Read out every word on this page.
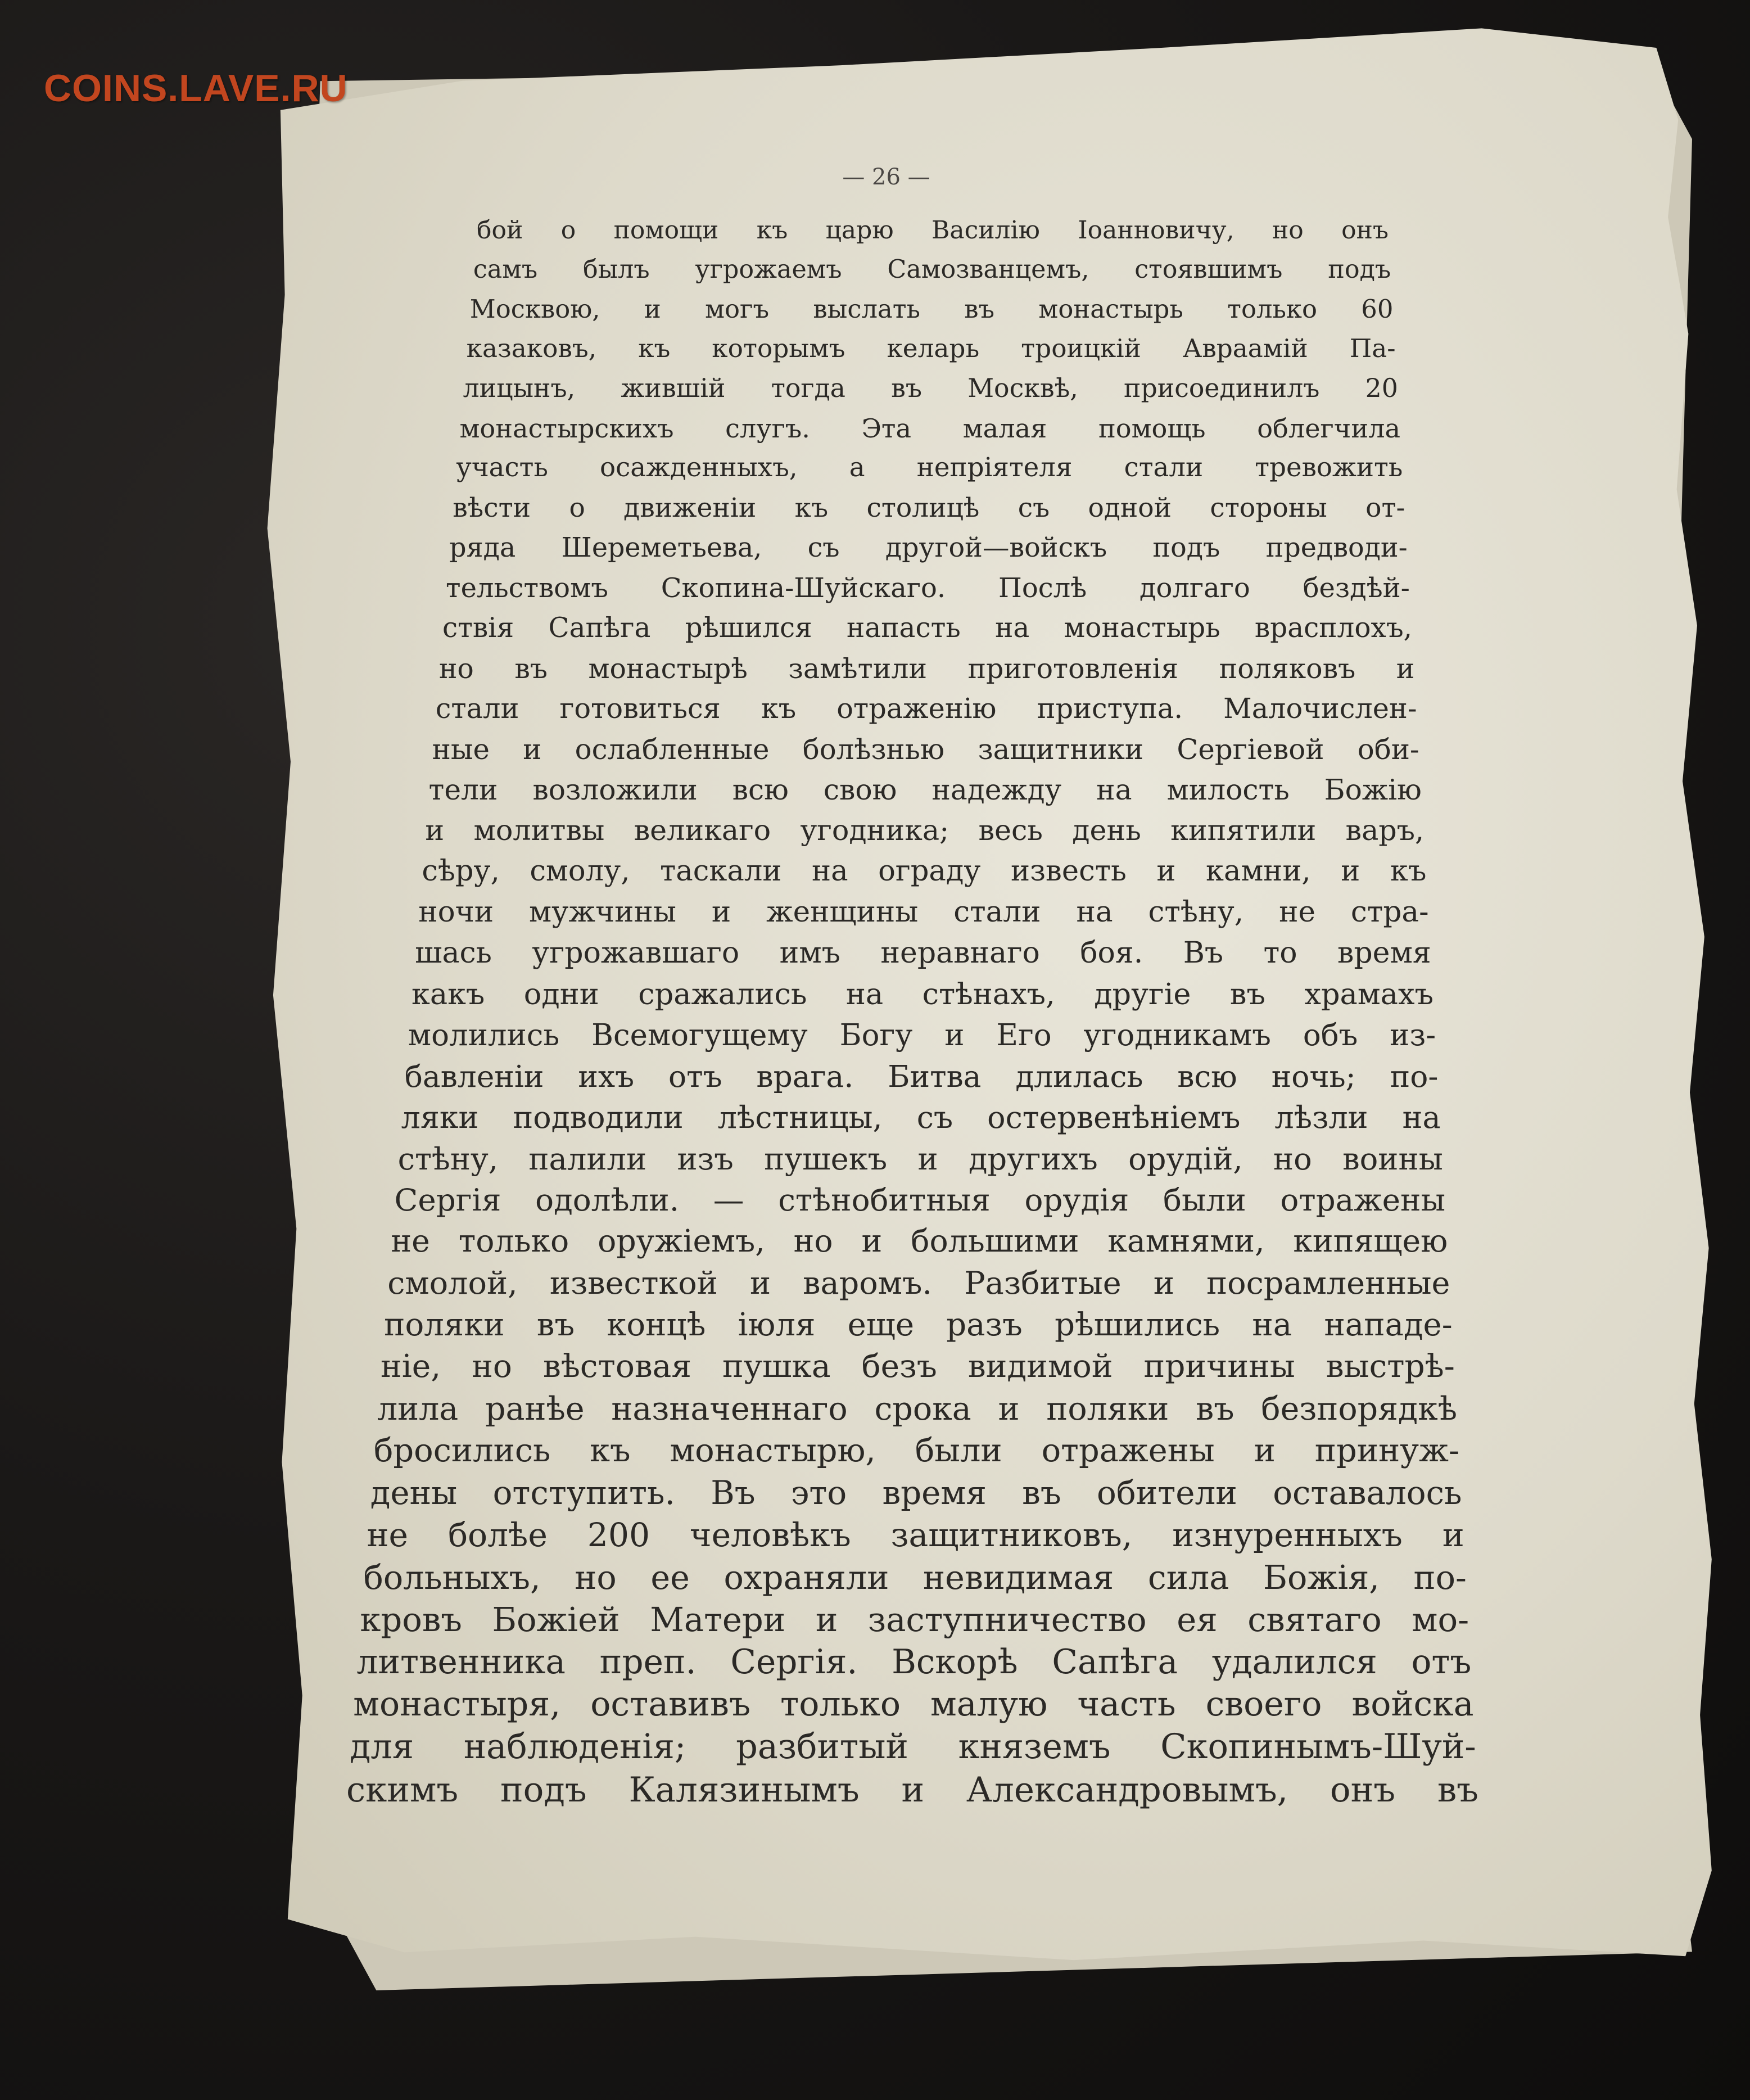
COINS.LAVE.RU
— 26 —
бой о помощи къ царю Василію Іоанновичу, но онъ
самъ былъ угрожаемъ Самозванцемъ, стоявшимъ подъ
Москвою, и могъ выслать въ монастырь только 60
казаковъ, къ которымъ келарь троицкій Авраамій Па-
лицынъ, жившій тогда въ Москвѣ, присоединилъ 20
монастырскихъ слугъ. Эта малая помощь облегчила
участь осажденныхъ, а непріятеля стали тревожить
вѣсти о движеніи къ столицѣ съ одной стороны от-
ряда Шереметьева, съ другой—войскъ подъ предводи-
тельствомъ Скопина-Шуйскаго. Послѣ долгаго бездѣй-
ствія Сапѣга рѣшился напасть на монастырь врасплохъ,
но въ монастырѣ замѣтили приготовленія поляковъ и
стали готовиться къ отраженію приступа. Малочислен-
ные и ослабленные болѣзнью защитники Сергіевой оби-
тели возложили всю свою надежду на милость Божію
и молитвы великаго угодника; весь день кипятили варъ,
сѣру, смолу, таскали на ограду известь и камни, и къ
ночи мужчины и женщины стали на стѣну, не стра-
шась угрожавшаго имъ неравнаго боя. Въ то время
какъ одни сражались на стѣнахъ, другіе въ храмахъ
молились Всемогущему Богу и Его угодникамъ объ из-
бавленіи ихъ отъ врага. Битва длилась всю ночь; по-
ляки подводили лѣстницы, съ остервенѣніемъ лѣзли на
стѣну, палили изъ пушекъ и другихъ орудій, но воины
Сергія одолѣли. — стѣнобитныя орудія были отражены
не только оружіемъ, но и большими камнями, кипящею
смолой, известкой и варомъ. Разбитые и посрамленные
поляки въ концѣ іюля еще разъ рѣшились на нападе-
ніе, но вѣстовая пушка безъ видимой причины выстрѣ-
лила ранѣе назначеннаго срока и поляки въ безпорядкѣ
бросились къ монастырю, были отражены и принуж-
дены отступить. Въ это время въ обители оставалось
не болѣе 200 человѣкъ защитниковъ, изнуренныхъ и
больныхъ, но ее охраняли невидимая сила Божія, по-
кровъ Божіей Матери и заступничество ея святаго мо-
литвенника преп. Сергія. Вскорѣ Сапѣга удалился отъ
монастыря, оставивъ только малую часть своего войска
для наблюденія; разбитый княземъ Скопинымъ-Шуй-
скимъ подъ Калязинымъ и Александровымъ, онъ въ
